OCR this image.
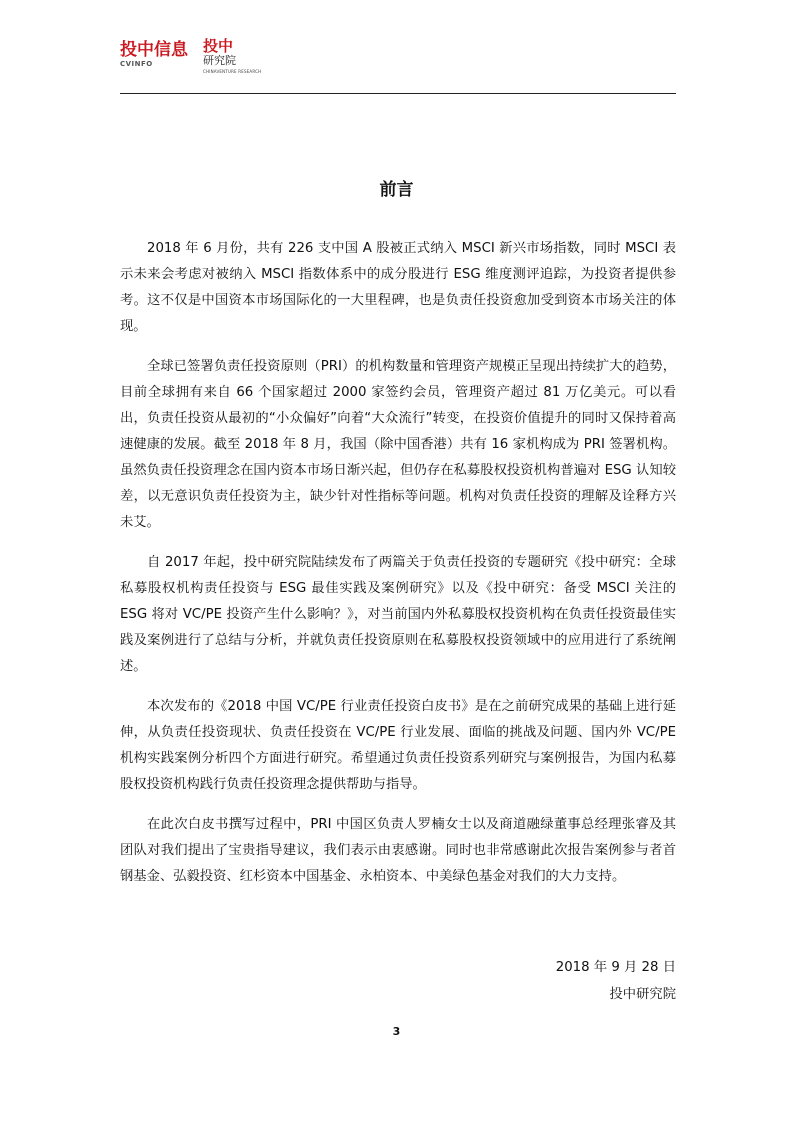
投中信息
CVINFO
投中
研究院
CHINAVENTURE RESEARCH
前言

2018 年 6 月份，共有 226 支中国 A 股被正式纳入 MSCI 新兴市场指数，同时 MSCI 表示未来会考虑对被纳入 MSCI 指数体系中的成分股进行 ESG 维度测评追踪，为投资者提供参考。这不仅是中国资本市场国际化的一大里程碑，也是负责任投资愈加受到资本市场关注的体现。

全球已签署负责任投资原则（PRI）的机构数量和管理资产规模正呈现出持续扩大的趋势，目前全球拥有来自 66 个国家超过 2000 家签约会员，管理资产超过 81 万亿美元。可以看出，负责任投资从最初的“小众偏好”向着“大众流行”转变，在投资价值提升的同时又保持着高速健康的发展。截至 2018 年 8 月，我国（除中国香港）共有 16 家机构成为 PRI 签署机构。虽然负责任投资理念在国内资本市场日渐兴起，但仍存在私募股权投资机构普遍对 ESG 认知较差，以无意识负责任投资为主，缺少针对性指标等问题。机构对负责任投资的理解及诠释方兴未艾。

自 2017 年起，投中研究院陆续发布了两篇关于负责任投资的专题研究《投中研究：全球私募股权机构责任投资与 ESG 最佳实践及案例研究》以及《投中研究：备受 MSCI 关注的 ESG 将对 VC/PE 投资产生什么影响？》，对当前国内外私募股权投资机构在负责任投资最佳实践及案例进行了总结与分析，并就负责任投资原则在私募股权投资领域中的应用进行了系统阐述。

本次发布的《2018 中国 VC/PE 行业责任投资白皮书》是在之前研究成果的基础上进行延伸，从负责任投资现状、负责任投资在 VC/PE 行业发展、面临的挑战及问题、国内外 VC/PE 机构实践案例分析四个方面进行研究。希望通过负责任投资系列研究与案例报告，为国内私募股权投资机构践行负责任投资理念提供帮助与指导。

在此次白皮书撰写过程中，PRI 中国区负责人罗楠女士以及商道融绿董事总经理张睿及其团队对我们提出了宝贵指导建议，我们表示由衷感谢。同时也非常感谢此次报告案例参与者首钢基金、弘毅投资、红杉资本中国基金、永柏资本、中美绿色基金对我们的大力支持。

2018 年 9 月 28 日
投中研究院
3
